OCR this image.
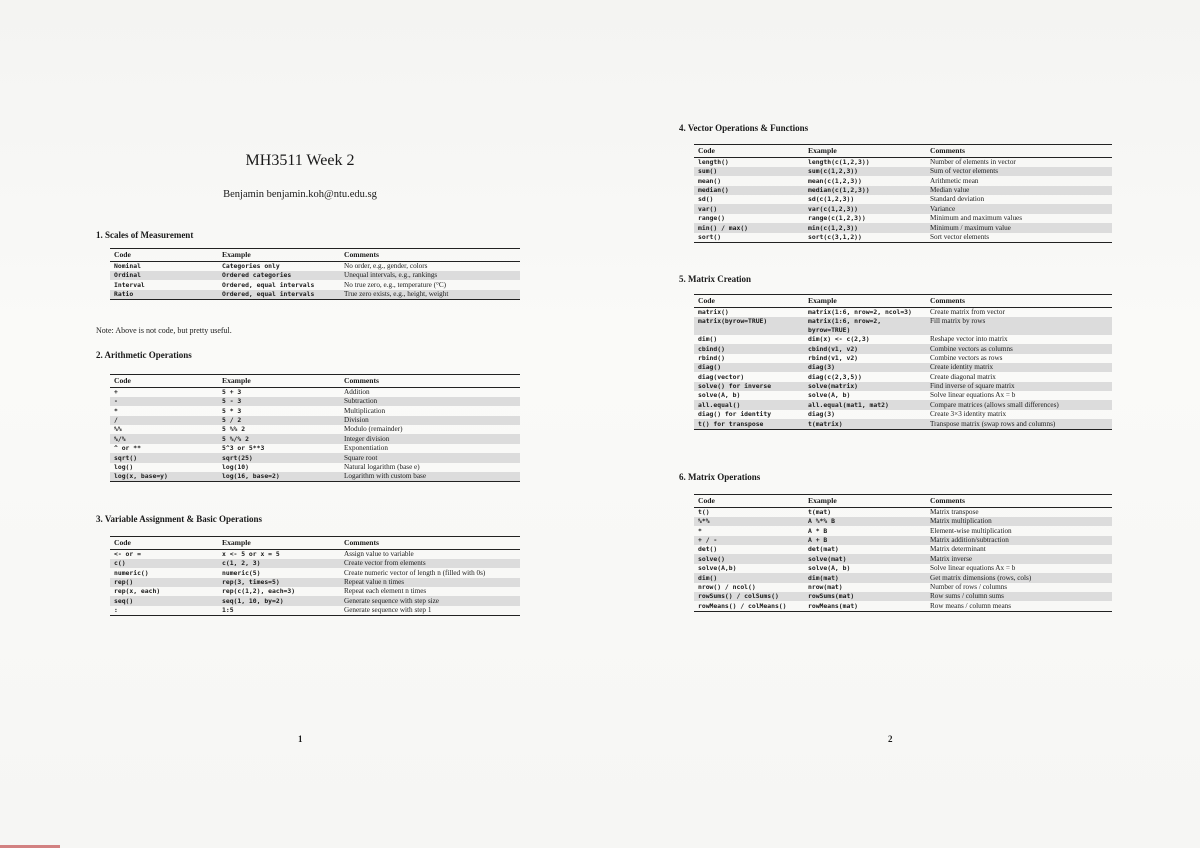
MH3511 Week 2
Benjamin benjamin.koh@ntu.edu.sg
1. Scales of Measurement
Code	Example	Comments
Nominal	Categories only	No order, e.g., gender, colors
Ordinal	Ordered categories	Unequal intervals, e.g., rankings
Interval	Ordered, equal intervals	No true zero, e.g., temperature (°C)
Ratio	Ordered, equal intervals	True zero exists, e.g., height, weight
Note: Above is not code, but pretty useful.
2. Arithmetic Operations
Code	Example	Comments
+	5 + 3	Addition
-	5 - 3	Subtraction
*	5 * 3	Multiplication
/	5 / 2	Division
%%	5 %% 2	Modulo (remainder)
%/%	5 %/% 2	Integer division
^ or **	5^3 or 5**3	Exponentiation
sqrt()	sqrt(25)	Square root
log()	log(10)	Natural logarithm (base e)
log(x, base=y)	log(16, base=2)	Logarithm with custom base
3. Variable Assignment & Basic Operations
Code	Example	Comments
<- or =	x <- 5 or x = 5	Assign value to variable
c()	c(1, 2, 3)	Create vector from elements
numeric()	numeric(5)	Create numeric vector of length n (filled with 0s)
rep()	rep(3, times=5)	Repeat value n times
rep(x, each)	rep(c(1,2), each=3)	Repeat each element n times
seq()	seq(1, 10, by=2)	Generate sequence with step size
:	1:5	Generate sequence with step 1
1
4. Vector Operations & Functions
Code	Example	Comments
length()	length(c(1,2,3))	Number of elements in vector
sum()	sum(c(1,2,3))	Sum of vector elements
mean()	mean(c(1,2,3))	Arithmetic mean
median()	median(c(1,2,3))	Median value
sd()	sd(c(1,2,3))	Standard deviation
var()	var(c(1,2,3))	Variance
range()	range(c(1,2,3))	Minimum and maximum values
min() / max()	min(c(1,2,3))	Minimum / maximum value
sort()	sort(c(3,1,2))	Sort vector elements
5. Matrix Creation
Code	Example	Comments
matrix()	matrix(1:6, nrow=2, ncol=3)	Create matrix from vector
matrix(byrow=TRUE)	matrix(1:6, nrow=2, byrow=TRUE)	Fill matrix by rows
dim()	dim(x) <- c(2,3)	Reshape vector into matrix
cbind()	cbind(v1, v2)	Combine vectors as columns
rbind()	rbind(v1, v2)	Combine vectors as rows
diag()	diag(3)	Create identity matrix
diag(vector)	diag(c(2,3,5))	Create diagonal matrix
solve() for inverse	solve(matrix)	Find inverse of square matrix
solve(A, b)	solve(A, b)	Solve linear equations Ax = b
all.equal()	all.equal(mat1, mat2)	Compare matrices (allows small differences)
diag() for identity	diag(3)	Create 3×3 identity matrix
t() for transpose	t(matrix)	Transpose matrix (swap rows and columns)
6. Matrix Operations
Code	Example	Comments
t()	t(mat)	Matrix transpose
%*%	A %*% B	Matrix multiplication
*	A * B	Element-wise multiplication
+ / -	A + B	Matrix addition/subtraction
det()	det(mat)	Matrix determinant
solve()	solve(mat)	Matrix inverse
solve(A,b)	solve(A, b)	Solve linear equations Ax = b
dim()	dim(mat)	Get matrix dimensions (rows, cols)
nrow() / ncol()	nrow(mat)	Number of rows / columns
rowSums() / colSums()	rowSums(mat)	Row sums / column sums
rowMeans() / colMeans()	rowMeans(mat)	Row means / column means
2
